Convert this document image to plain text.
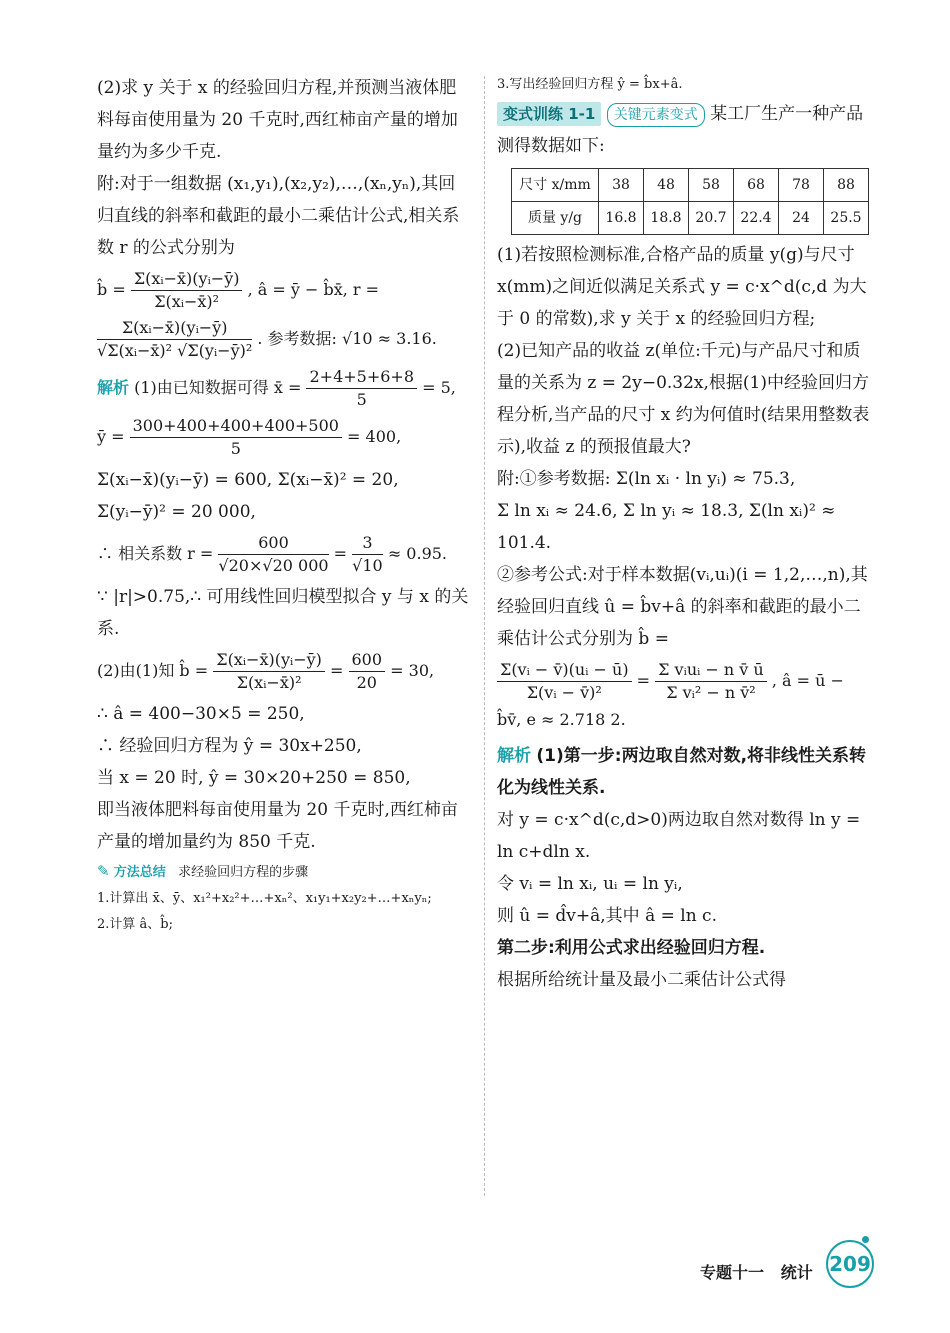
(2)求 y 关于 x 的经验回归方程,并预测当液体肥料每亩使用量为 20 千克时,西红柿亩产量的增加量约为多少千克.

附:对于一组数据 (x₁,y₁),(x₂,y₂),…,(xₙ,yₙ),其回归直线的斜率和截距的最小二乘估计公式,相关系数 r 的公式分别为

b̂ = $\frac{\text{Σ(xᵢ−x̄)(yᵢ−ȳ)}}{\text{Σ(xᵢ−x̄)²}}$ , â = ȳ − b̂x̄, r =
$\frac{\text{Σ(xᵢ−x̄)(yᵢ−ȳ)}}{\text{√Σ(xᵢ−x̄)² √Σ(yᵢ−ȳ)²}}$ . 参考数据: √10 ≈ 3.16.
解析 (1)由已知数据可得 x̄ = $\frac{2+4+5+6+8}{5} = 5$,
ȳ = $\frac{300+400+400+400+500}{5} = 400$,

Σ(xᵢ−x̄)(yᵢ−ȳ) = 600, Σ(xᵢ−x̄)² = 20,

Σ(yᵢ−ȳ)² = 20 000,

∴ 相关系数 $r = \frac{600}{√20\times√20 000} = \frac{3}{√10} \approx 0.95$.

∵ |r|>0.75,∴ 可用线性回归模型拟合 y 与 x 的关系.

(2)由(1)知 b̂ = $\frac{\text{Σ(xᵢ−x̄)(yᵢ−ȳ)}}{\text{Σ(xᵢ−x̄)²}} = \frac{600}{20} = 30$,

∴ â = 400−30×5 = 250,

∴ 经验回归方程为 ŷ = 30x+250,

当 x = 20 时, ŷ = 30×20+250 = 850,

即当液体肥料每亩使用量为 20 千克时,西红柿亩产量的增加量约为 850 千克.

✎ 方法总结 求经验回归方程的步骤

1.计算出 x̄、ȳ、x₁²+x₂²+…+xₙ²、x₁y₁+x₂y₂+…+xₙyₙ;

2.计算 â、b̂;

3.写出经验回归方程 ŷ = b̂x+â.

变式训练 1-1 关键元素变式 某工厂生产一种产品测得数据如下:

尺寸 x/mm	38	48	58	68	78	88
质量 y/g	16.8	18.8	20.7	22.4	24	25.5

(1)若按照检测标准,合格产品的质量 y(g)与尺寸 x(mm)之间近似满足关系式 y = c·x^d(c,d 为大于 0 的常数),求 y 关于 x 的经验回归方程;

(2)已知产品的收益 z(单位:千元)与产品尺寸和质量的关系为 z = 2y−0.32x,根据(1)中经验回归方程分析,当产品的尺寸 x 约为何值时(结果用整数表示),收益 z 的预报值最大?

附:①参考数据: Σ(ln xᵢ · ln yᵢ) ≈ 75.3,

Σ ln xᵢ ≈ 24.6, Σ ln yᵢ ≈ 18.3, Σ(ln xᵢ)² ≈ 101.4.

②参考公式:对于样本数据(vᵢ,uᵢ)(i = 1,2,…,n),其经验回归直线 û = b̂v+â 的斜率和截距的最小二乘估计公式分别为 b̂ =

$\frac{\text{Σ(vᵢ − v̄)(uᵢ − ū)}}{\text{Σ(vᵢ − v̄)²}}$ =
Σ vᵢuᵢ − n v̄ ū
Σ vᵢ² − n v̄²
, â = ū − b̂v̄, e ≈ 2.718 2.

解析 (1)第一步:两边取自然对数,将非线性关系转化为线性关系.

对 y = c·x^d(c,d>0)两边取自然对数得 ln y = ln c+dln x.

令 vᵢ = ln xᵢ, uᵢ = ln yᵢ,

则 û = d̂v+â,其中 â = ln c.

第二步:利用公式求出经验回归方程.

根据所给统计量及最小二乘估计公式得

专题十一 统计 209
